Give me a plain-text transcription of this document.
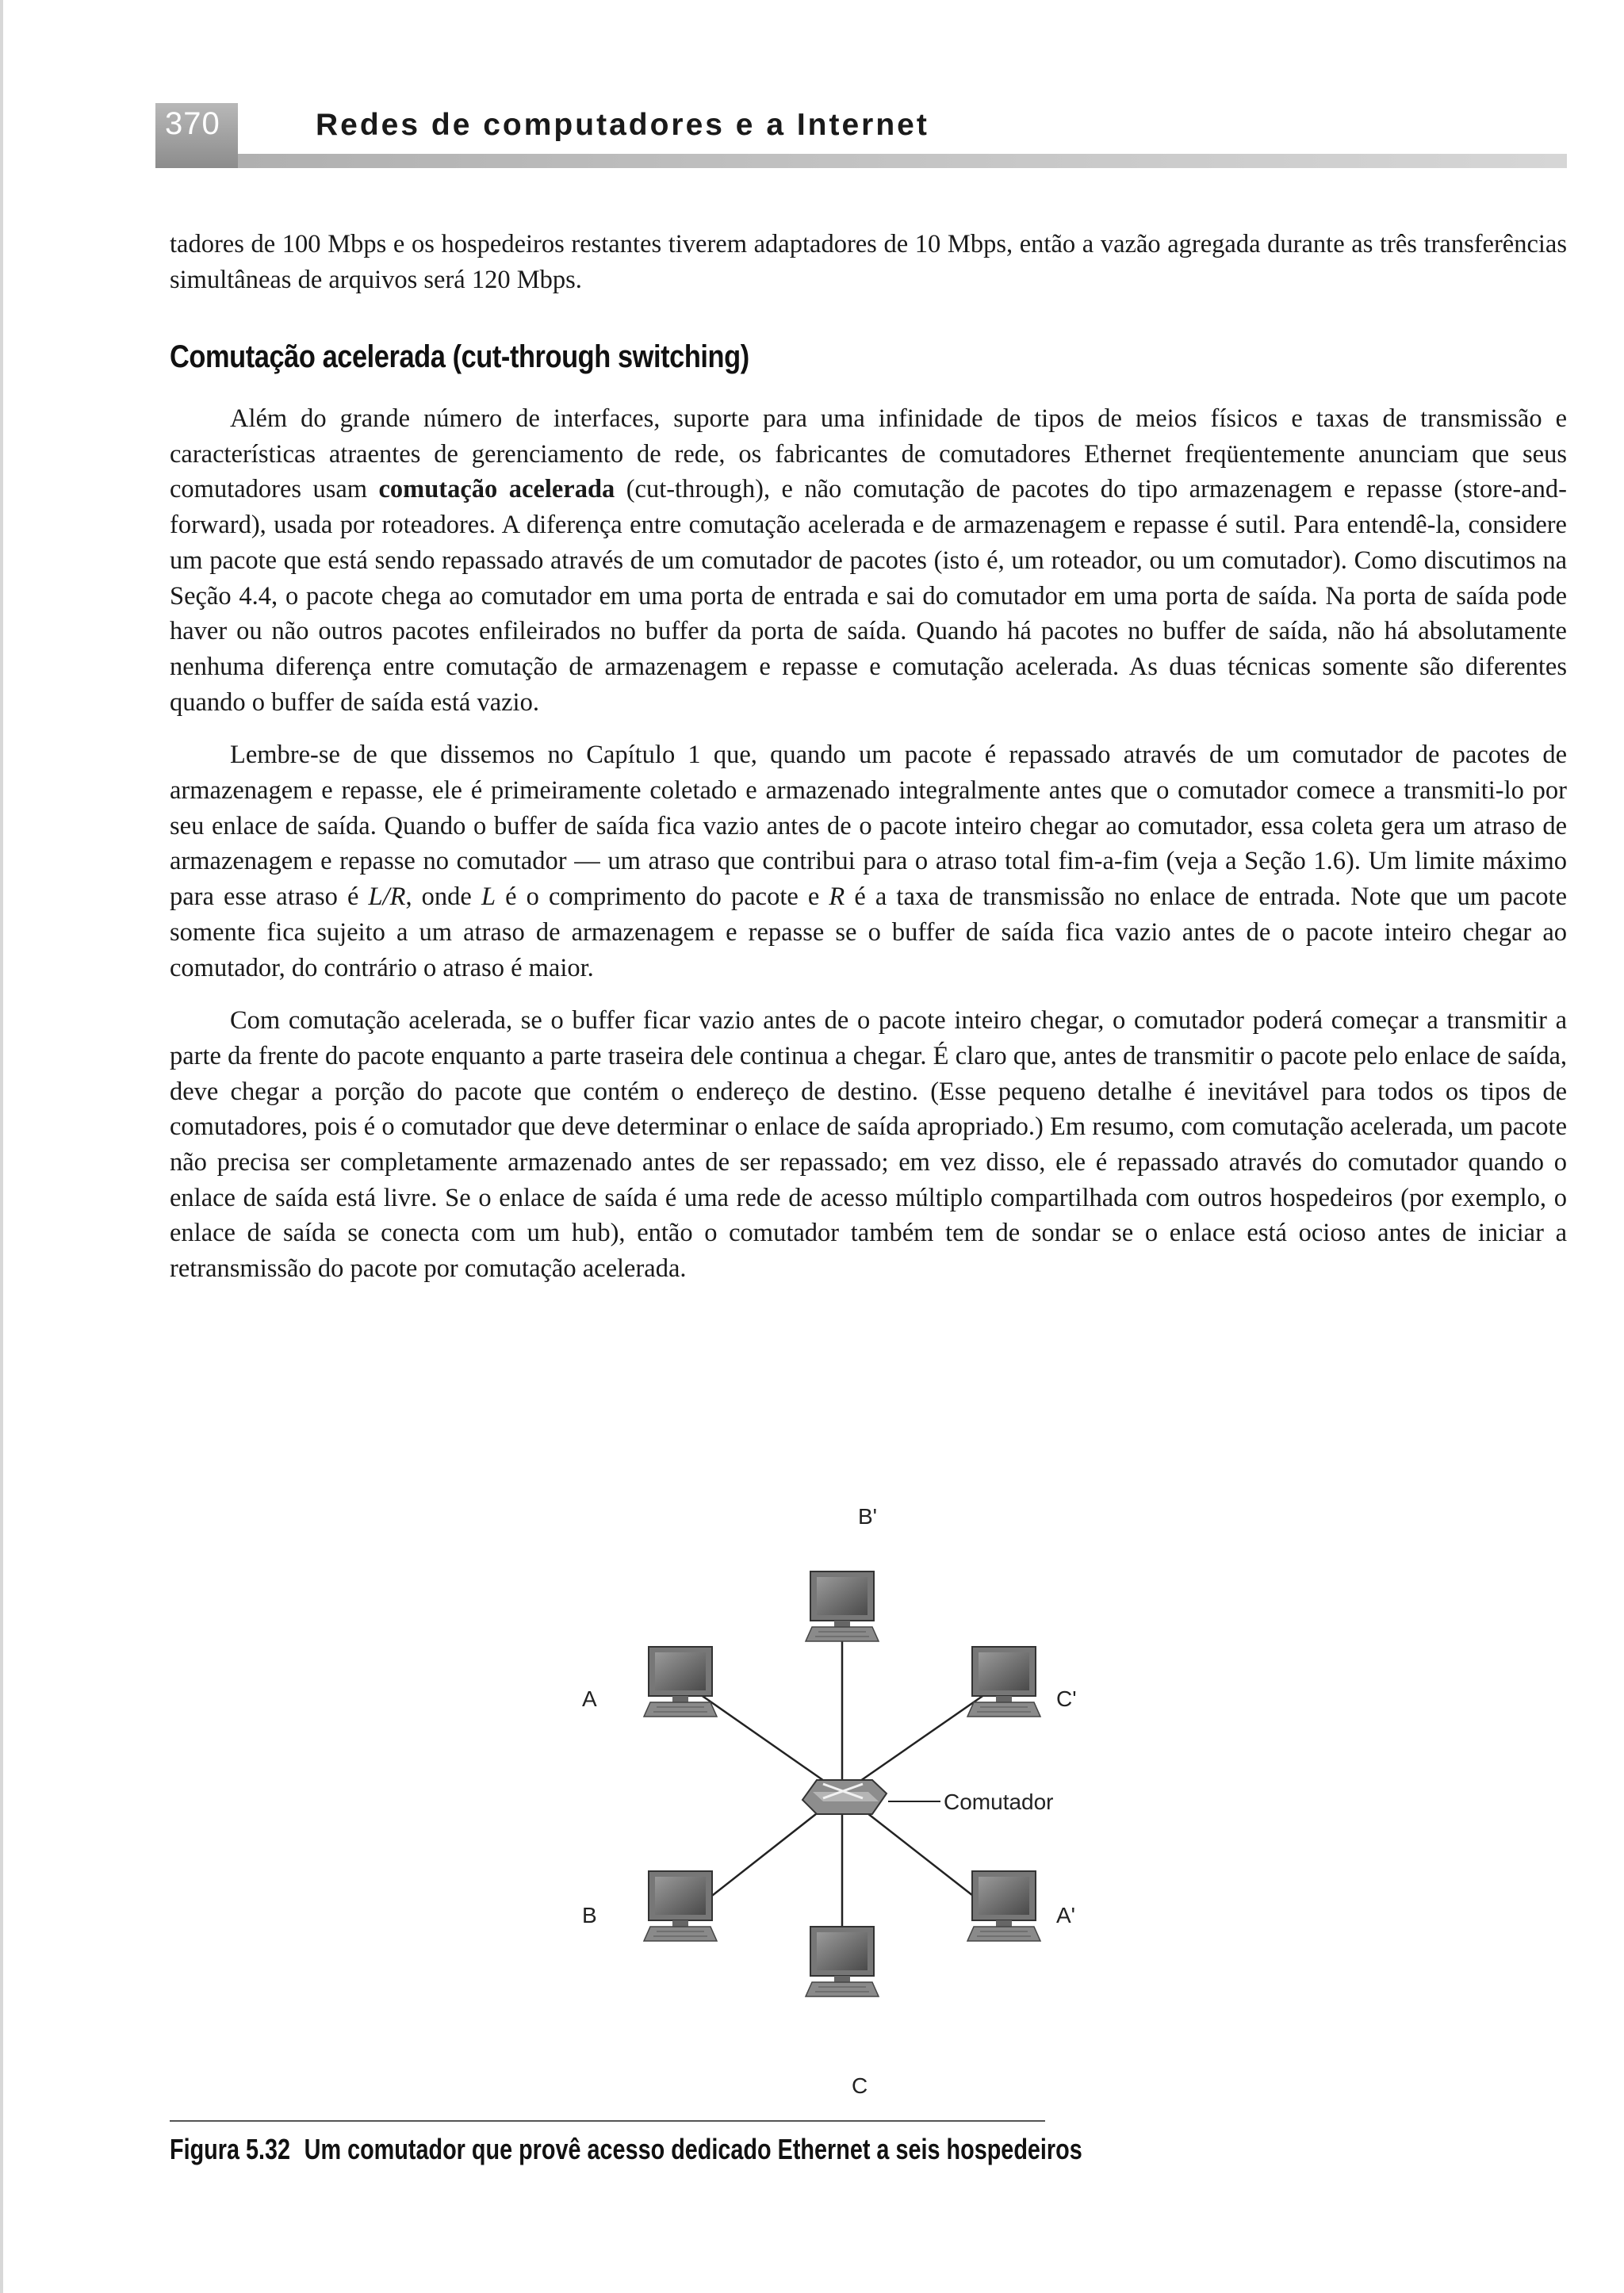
370	Redes de computadores e a Internet

tadores de 100 Mbps e os hospedeiros restantes tiverem adaptadores de 10 Mbps, então a vazão agregada durante as três transferências simultâneas de arquivos será 120 Mbps.

Comutação acelerada (cut-through switching)

Além do grande número de interfaces, suporte para uma infinidade de tipos de meios físicos e taxas de transmissão e características atraentes de gerenciamento de rede, os fabricantes de comutadores Ethernet freqüentemente anunciam que seus comutadores usam comutação acelerada (cut-through), e não comutação de pacotes do tipo armazenagem e repasse (store-and-forward), usada por roteadores. A diferença entre comutação acelerada e de armazenagem e repasse é sutil. Para entendê-la, considere um pacote que está sendo repassado através de um comutador de pacotes (isto é, um roteador, ou um comutador). Como discutimos na Seção 4.4, o pacote chega ao comutador em uma porta de entrada e sai do comutador em uma porta de saída. Na porta de saída pode haver ou não outros pacotes enfileirados no buffer da porta de saída. Quando há pacotes no buffer de saída, não há absolutamente nenhuma diferença entre comutação de armazenagem e repasse e comutação acelerada. As duas técnicas somente são diferentes quando o buffer de saída está vazio.

Lembre-se de que dissemos no Capítulo 1 que, quando um pacote é repassado através de um comutador de pacotes de armazenagem e repasse, ele é primeiramente coletado e armazenado integralmente antes que o comutador comece a transmiti-lo por seu enlace de saída. Quando o buffer de saída fica vazio antes de o pacote inteiro chegar ao comutador, essa coleta gera um atraso de armazenagem e repasse no comutador — um atraso que contribui para o atraso total fim-a-fim (veja a Seção 1.6). Um limite máximo para esse atraso é L/R, onde L é o comprimento do pacote e R é a taxa de transmissão no enlace de entrada. Note que um pacote somente fica sujeito a um atraso de armazenagem e repasse se o buffer de saída fica vazio antes de o pacote inteiro chegar ao comutador, do contrário o atraso é maior.

Com comutação acelerada, se o buffer ficar vazio antes de o pacote inteiro chegar, o comutador poderá começar a transmitir a parte da frente do pacote enquanto a parte traseira dele continua a chegar. É claro que, antes de transmitir o pacote pelo enlace de saída, deve chegar a porção do pacote que contém o endereço de destino. (Esse pequeno detalhe é inevitável para todos os tipos de comutadores, pois é o comutador que deve determinar o enlace de saída apropriado.) Em resumo, com comutação acelerada, um pacote não precisa ser completamente armazenado antes de ser repassado; em vez disso, ele é repassado através do comutador quando o enlace de saída está livre. Se o enlace de saída é uma rede de acesso múltiplo compartilhada com outros hospedeiros (por exemplo, o enlace de saída se conecta com um hub), então o comutador também tem de sondar se o enlace está ocioso antes de iniciar a retransmissão do pacote por comutação acelerada.

Comutador
B'
A	C'
B	A'
C
Figura 5.32 Um comutador que provê acesso dedicado Ethernet a seis hospedeiros
